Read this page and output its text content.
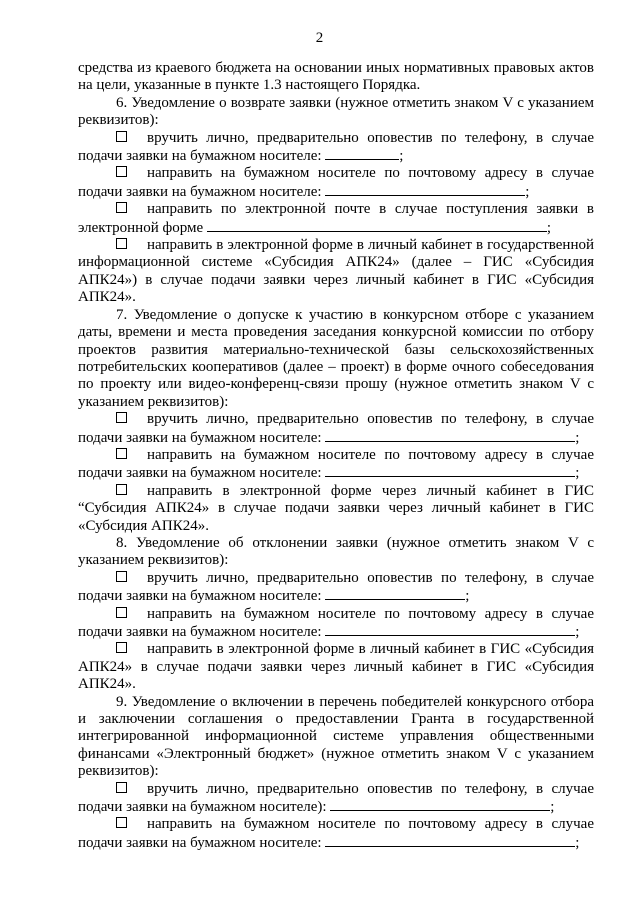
2

средства из краевого бюджета на основании иных нормативных правовых актов на цели, указанные в пункте 1.3 настоящего Порядка.

6. Уведомление о возврате заявки (нужное отметить знаком V с указанием реквизитов):

вручить лично, предварительно оповестив по телефону, в случае подачи заявки на бумажном носителе:	;

направить на бумажном носителе по почтовому адресу в случае подачи заявки на бумажном носителе:	;

направить по электронной почте в случае поступления заявки в электронной форме	;

направить в электронной форме в личный кабинет в государственной информационной системе «Субсидия АПК24» (далее – ГИС «Субсидия АПК24») в случае подачи заявки через личный кабинет в ГИС «Субсидия АПК24».

7. Уведомление о допуске к участию в конкурсном отборе с указанием даты, времени и места проведения заседания конкурсной комиссии по отбору проектов развития материально-технической базы сельскохозяйственных потребительских кооперативов (далее – проект) в форме очного собеседования по проекту или видео-конференц-связи прошу (нужное отметить знаком V с указанием реквизитов):

вручить лично, предварительно оповестив по телефону, в случае подачи заявки на бумажном носителе:	;

направить на бумажном носителе по почтовому адресу в случае подачи заявки на бумажном носителе:	;

направить в электронной форме через личный кабинет в ГИС “Субсидия АПК24» в случае подачи заявки через личный кабинет в ГИС «Субсидия АПК24».

8. Уведомление об отклонении заявки (нужное отметить знаком V с указанием реквизитов):

вручить лично, предварительно оповестив по телефону, в случае подачи заявки на бумажном носителе:	;

направить на бумажном носителе по почтовому адресу в случае подачи заявки на бумажном носителе:	;

направить в электронной форме в личный кабинет в ГИС «Субсидия АПК24» в случае подачи заявки через личный кабинет в ГИС «Субсидия АПК24».

9. Уведомление о включении в перечень победителей конкурсного отбора и заключении соглашения о предоставлении Гранта в государственной интегрированной информационной системе управления общественными финансами «Электронный бюджет» (нужное отметить знаком V с указанием реквизитов):

вручить лично, предварительно оповестив по телефону, в случае подачи заявки на бумажном носителе):	;

направить на бумажном носителе по почтовому адресу в случае подачи заявки на бумажном носителе:	;
